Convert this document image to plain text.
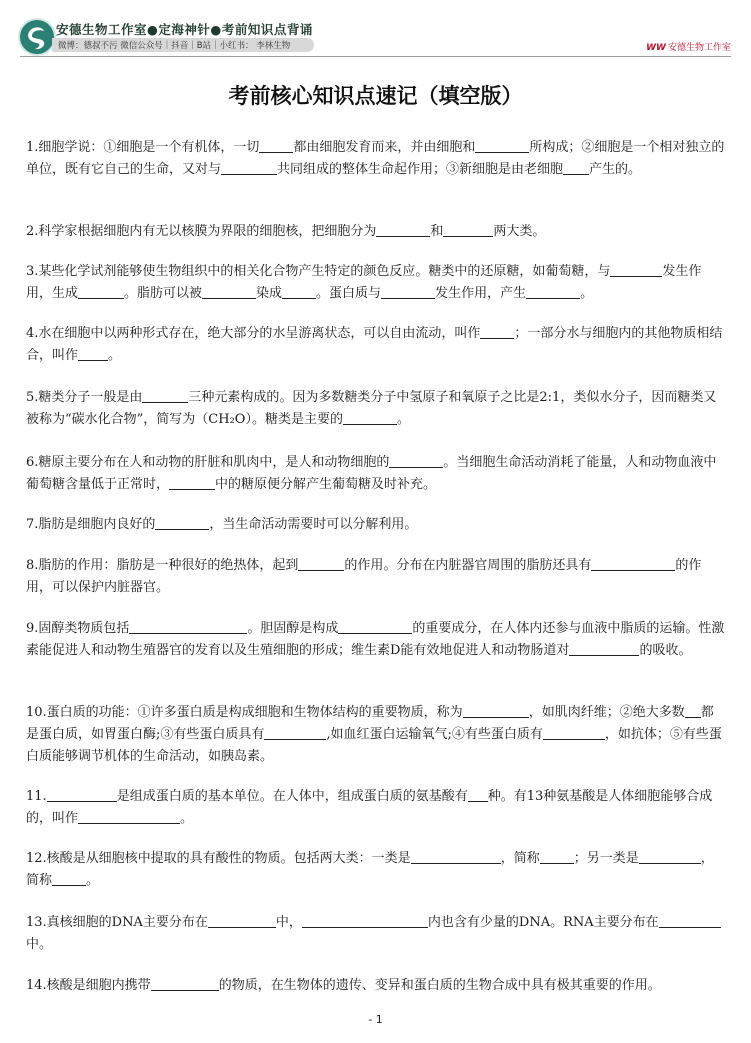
安德生物工作室●定海神针●考前知识点背诵
微博：德叔不污 微信公众号｜抖音｜B站｜小红书： 李林生物	WW 安德生物工作室
考前核心知识点速记（填空版）

1.细胞学说：①细胞是一个有机体，一切	都由细胞发育而来，并由细胞和	所构成；②细胞是一个相对独立的单位，既有它自己的生命，又对与	共同组成的整体生命起作用；③新细胞是由老细胞 产生的。

2.科学家根据细胞内有无以核膜为界限的细胞核，把细胞分为	和	两大类。

3.某些化学试剂能够使生物组织中的相关化合物产生特定的颜色反应。糖类中的还原糖，如葡萄糖，与	发生作用，生成	。脂肪可以被	染成	。蛋白质与	发生作用，产生	。

4.水在细胞中以两种形式存在，绝大部分的水呈游离状态，可以自由流动，叫作	；一部分水与细胞内的其他物质相结合，叫作 。

5.糖类分子一般是由	三种元素构成的。因为多数糖类分子中氢原子和氧原子之比是2:1，类似水分子，因而糖类又被称为“碳水化合物”，简写为（CH₂O）。糖类是主要的	。

6.糖原主要分布在人和动物的肝脏和肌肉中，是人和动物细胞的	。当细胞生命活动消耗了能量，人和动物血液中葡萄糖含量低于正常时，	中的糖原便分解产生葡萄糖及时补充。

7.脂肪是细胞内良好的	，当生命活动需要时可以分解利用。

8.脂肪的作用：脂肪是一种很好的绝热体，起到	的作用。分布在内脏器官周围的脂肪还具有	的作用，可以保护内脏器官。

9.固醇类物质包括	。胆固醇是构成	的重要成分，在人体内还参与血液中脂质的运输。性激素能促进人和动物生殖器官的发育以及生殖细胞的形成；维生素D能有效地促进人和动物肠道对	的吸收。

10.蛋白质的功能：①许多蛋白质是构成细胞和生物体结构的重要物质，称为	，如肌肉纤维；②绝大多数 都是蛋白质，如胃蛋白酶;③有些蛋白质具有	,如血红蛋白运输氧气;④有些蛋白质有	，如抗体；⑤有些蛋白质能够调节机体的生命活动，如胰岛素。

11.	是组成蛋白质的基本单位。在人体中，组成蛋白质的氨基酸有 种。有13种氨基酸是人体细胞能够合成的，叫作	。

12.核酸是从细胞核中提取的具有酸性的物质。包括两大类：一类是	，简称	；另一类是	，简称	。

13.真核细胞的DNA主要分布在	中，	内也含有少量的DNA。RNA主要分布在中。

14.核酸是细胞内携带	的物质，在生物体的遗传、变异和蛋白质的生物合成中具有极其重要的作用。

- 1
